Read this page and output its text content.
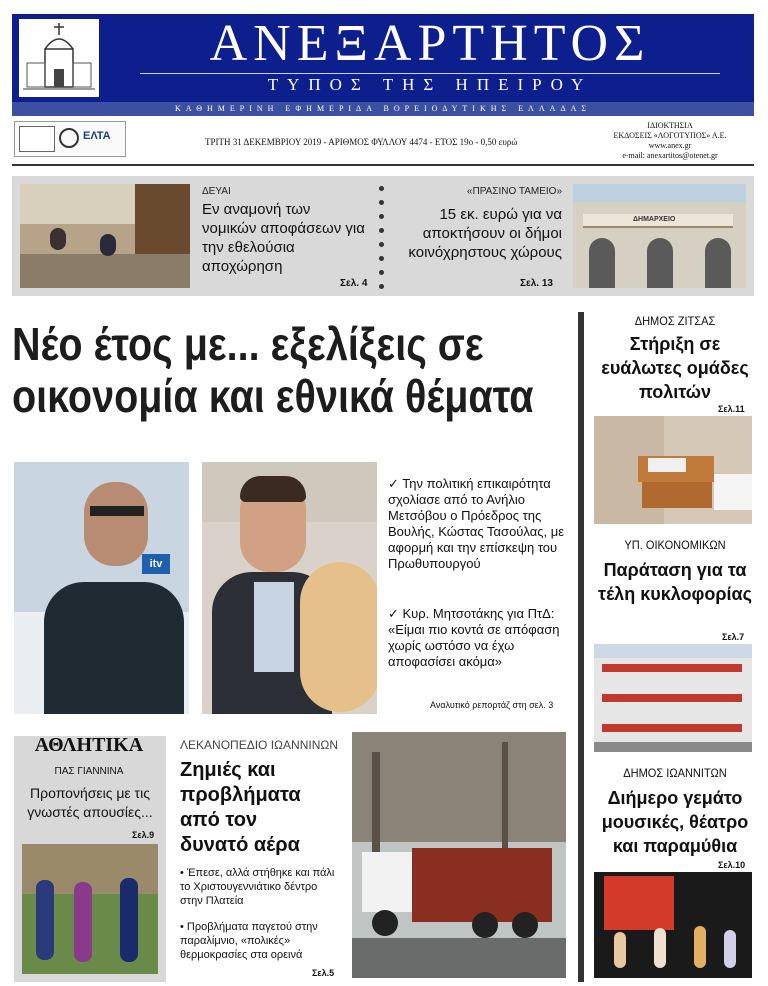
ΑΝΕΞΑΡΤΗΤΟΣ
ΤΥΠΟΣ ΤΗΣ ΗΠΕΙΡΟΥ
ΚΑΘΗΜΕΡΙΝΗ ΕΦΗΜΕΡΙΔΑ ΒΟΡΕΙΟΔΥΤΙΚΗΣ ΕΛΛΑΔΑΣ
ΕΛΤΑ	ΤΡΙΤΗ 31 ΔΕΚΕΜΒΡΙΟΥ 2019 - ΑΡΙΘΜΟΣ ΦΥΛΛΟΥ 4474 - ΕΤΟΣ 19ο - 0,50 ευρώ
ΙΔΙΟΚΤΗΣΙΑ
ΕΚΔΟΣΕΙΣ «ΛΟΓΟΤΥΠΟΣ» Α.Ε.
www.anex.gr
e-mail: anexartitos@otenet.gr
ΔΕΥΑΙ
Εν αναμονή των νομικών αποφάσεων για την εθελούσια αποχώρηση
Σελ. 4
«ΠΡΑΣΙΝΟ ΤΑΜΕΙΟ»
15 εκ. ευρώ για να αποκτήσουν οι δήμοι κοινόχρηστους χώρους
Σελ. 13
ΔΗΜΑΡΧΕΙΟ
Νέο έτος με... εξελίξεις σε
οικονομία και εθνικά θέματα
itv
✓ Την πολιτική επικαιρότητα σχολίασε από το Ανήλιο Μετσόβου ο Πρόεδρος της Βουλής, Κώστας Τασούλας, με αφορμή και την επίσκεψη του Πρωθυπουργού
✓ Κυρ. Μητσοτάκης για ΠτΔ: «Είμαι πιο κοντά σε απόφαση χωρίς ωστόσο να έχω αποφασίσει ακόμα»
Αναλυτικό ρεπορτάζ στη σελ. 3
ΔΗΜΟΣ ΖΙΤΣΑΣ
Στήριξη σε ευάλωτες ομάδες πολιτών
Σελ.11
ΥΠ. ΟΙΚΟΝΟΜΙΚΩΝ
Παράταση για τα τέλη κυκλοφορίας
Σελ.7
ΔΗΜΟΣ ΙΩΑΝΝΙΤΩΝ
Διήμερο γεμάτο μουσικές, θέατρο και παραμύθια
Σελ.10
ΑΘΛΗΤΙΚΑ
ΠΑΣ ΓΙΑΝΝΙΝΑ
Προπονήσεις με τις γνωστές απουσίες...
Σελ.9
ΛΕΚΑΝΟΠΕΔΙΟ ΙΩΑΝΝΙΝΩΝ
Ζημιές και προβλήματα από τον δυνατό αέρα
• Έπεσε, αλλά στήθηκε και πάλι το Χριστουγεννιάτικο δέντρο στην Πλατεία
• Προβλήματα παγετού στην παραλίμνιο, «πολικές» θερμοκρασίες στα ορεινά
Σελ.5
